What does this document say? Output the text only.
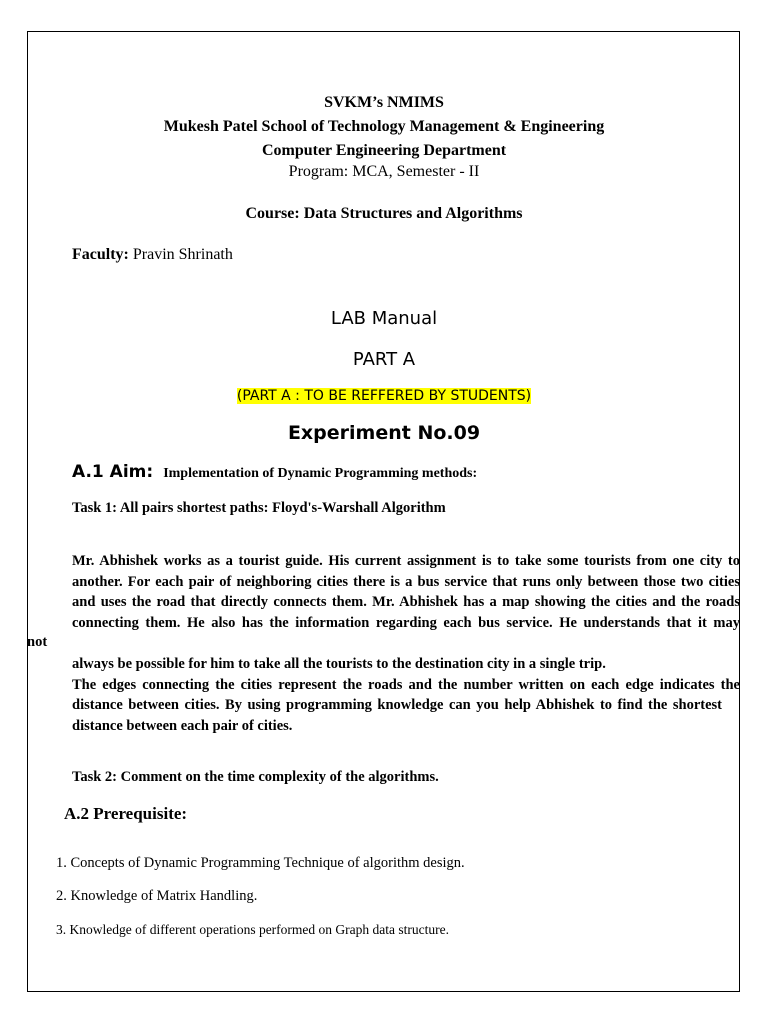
SVKM’s NMIMS
Mukesh Patel School of Technology Management & Engineering
Computer Engineering Department
Program: MCA, Semester - II
Course: Data Structures and Algorithms
Faculty: Pravin Shrinath
LAB Manual
PART A
(PART A : TO BE REFFERED BY STUDENTS)
Experiment No.09
A.1 Aim: Implementation of Dynamic Programming methods:
Task 1: All pairs shortest paths: Floyd's-Warshall Algorithm
Mr. Abhishek works as a tourist guide. His current assignment is to take some tourists from one city to
another. For each pair of neighboring cities there is a bus service that runs only between those two cities
and uses the road that directly connects them. Mr. Abhishek has a map showing the cities and the roads
connecting them. He also has the information regarding each bus service. He understands that it may
not
always be possible for him to take all the tourists to the destination city in a single trip.
The edges connecting the cities represent the roads and the number written on each edge indicates the
distance between cities. By using programming knowledge can you help Abhishek to find the shortest
distance between each pair of cities.
Task 2: Comment on the time complexity of the algorithms.
A.2 Prerequisite:
1. Concepts of Dynamic Programming Technique of algorithm design.
2. Knowledge of Matrix Handling.
3. Knowledge of different operations performed on Graph data structure.
